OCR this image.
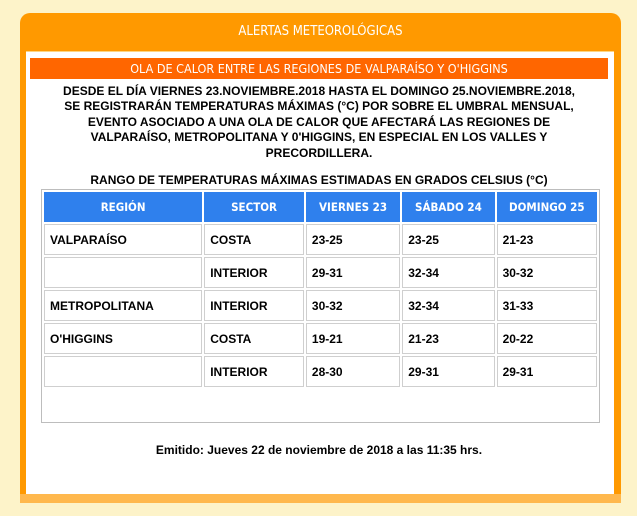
ALERTAS METEOROLÓGICAS
OLA DE CALOR ENTRE LAS REGIONES DE VALPARAÍSO Y O'HIGGINS

DESDE EL DÍA VIERNES 23.NOVIEMBRE.2018 HASTA EL DOMINGO 25.NOVIEMBRE.2018,
SE REGISTRARÁN TEMPERATURAS MÁXIMAS (°C) POR SOBRE EL UMBRAL MENSUAL,
EVENTO ASOCIADO A UNA OLA DE CALOR QUE AFECTARÁ LAS REGIONES DE
VALPARAÍSO, METROPOLITANA Y 0'HIGGINS, EN ESPECIAL EN LOS VALLES Y
PRECORDILLERA.

RANGO DE TEMPERATURAS MÁXIMAS ESTIMADAS EN GRADOS CELSIUS (°C)
REGIÓN	SECTOR	VIERNES 23	SÁBADO 24	DOMINGO 25
VALPARAÍSO	COSTA	23-25	23-25	21-23
	INTERIOR	29-31	32-34	30-32
METROPOLITANA	INTERIOR	30-32	32-34	31-33
O'HIGGINS	COSTA	19-21	21-23	20-22
	INTERIOR	28-30	29-31	29-31
Emitido: Jueves 22 de noviembre de 2018 a las 11:35 hrs.
